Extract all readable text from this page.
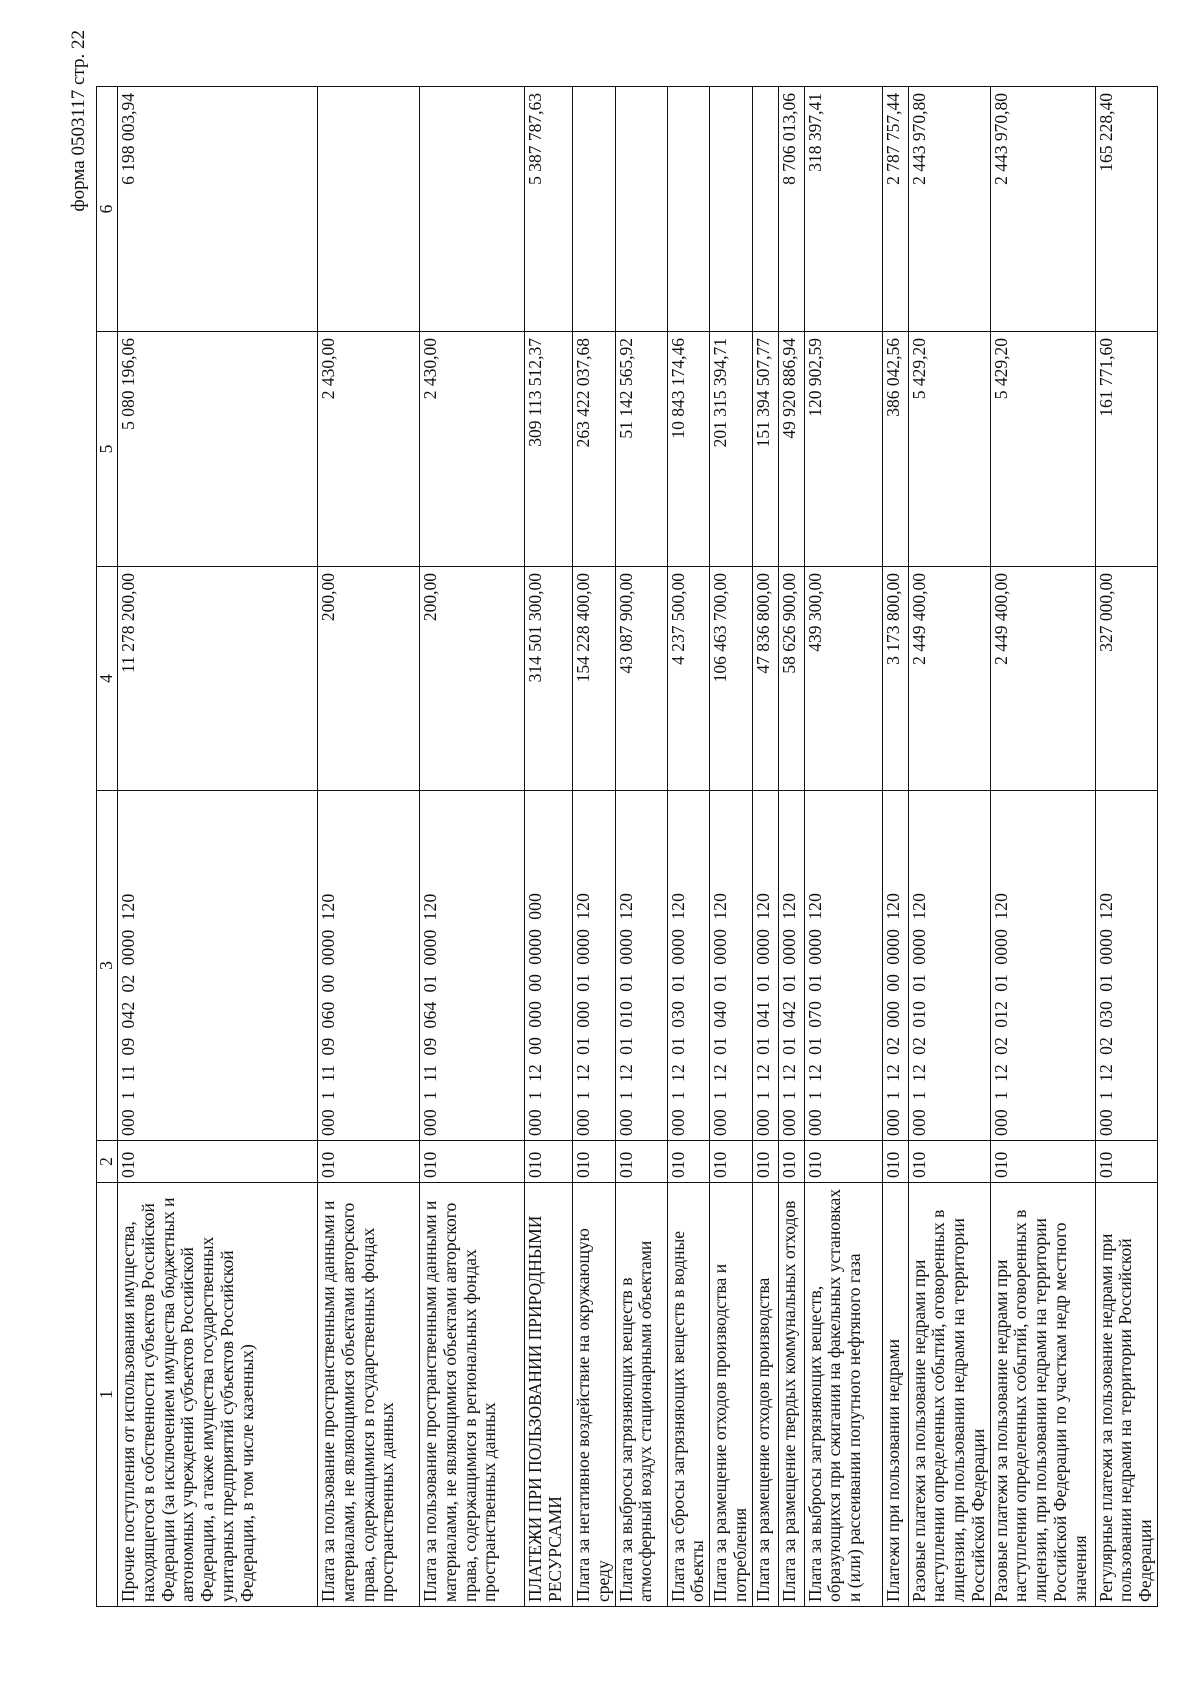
форма 0503117 стр. 22
1	2	3	4	5	6
Прочие поступления от использования имущества, находящегося в собственности субъектов Российской Федерации (за исключением имущества бюджетных и автономных учреждений субъектов Российской Федерации, а также имущества государственных унитарных предприятий субъектов Российской Федерации, в том числе казенных)	010	000  1  11  09  042  02  0000  120	11 278 200,00	5 080 196,06	6 198 003,94
Плата за пользование пространственными данными и материалами, не являющимися объектами авторского права, содержащимися в государственных фондах пространственных данных	010	000  1  11  09  060  00  0000  120	200,00	2 430,00	
Плата за пользование пространственными данными и материалами, не являющимися объектами авторского права, содержащимися в региональных фондах пространственных данных	010	000  1  11  09  064  01  0000  120	200,00	2 430,00	
ПЛАТЕЖИ ПРИ ПОЛЬЗОВАНИИ ПРИРОДНЫМИ РЕСУРСАМИ	010	000  1  12  00  000  00  0000  000	314 501 300,00	309 113 512,37	5 387 787,63
Плата за негативное воздействие на окружающую среду	010	000  1  12  01  000  01  0000  120	154 228 400,00	263 422 037,68	
Плата за выбросы загрязняющих веществ в атмосферный воздух стационарными объектами	010	000  1  12  01  010  01  0000  120	43 087 900,00	51 142 565,92	
Плата за сбросы загрязняющих веществ в водные объекты	010	000  1  12  01  030  01  0000  120	4 237 500,00	10 843 174,46	
Плата за размещение отходов производства и потребления	010	000  1  12  01  040  01  0000  120	106 463 700,00	201 315 394,71	
Плата за размещение отходов производства	010	000  1  12  01  041  01  0000  120	47 836 800,00	151 394 507,77	
Плата за размещение твердых коммунальных отходов	010	000  1  12  01  042  01  0000  120	58 626 900,00	49 920 886,94	8 706 013,06
Плата за выбросы загрязняющих веществ, образующихся при сжигании на факельных установках и (или) рассеивании попутного нефтяного газа	010	000  1  12  01  070  01  0000  120	439 300,00	120 902,59	318 397,41
Платежи при пользовании недрами	010	000  1  12  02  000  00  0000  120	3 173 800,00	386 042,56	2 787 757,44
Разовые платежи за пользование недрами при наступлении определенных событий, оговоренных в лицензии, при пользовании недрами на территории Российской Федерации	010	000  1  12  02  010  01  0000  120	2 449 400,00	5 429,20	2 443 970,80
Разовые платежи за пользование недрами при наступлении определенных событий, оговоренных в лицензии, при пользовании недрами на территории Российской Федерации по участкам недр местного значения	010	000  1  12  02  012  01  0000  120	2 449 400,00	5 429,20	2 443 970,80
Регулярные платежи за пользование недрами при пользовании недрами на территории Российской Федерации	010	000  1  12  02  030  01  0000  120	327 000,00	161 771,60	165 228,40
